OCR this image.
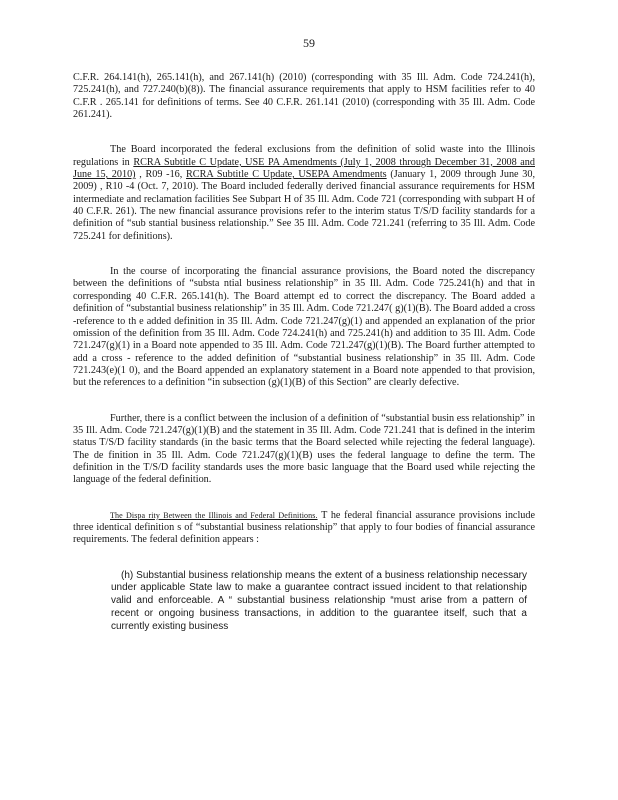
59

C.F.R. 264.141(h), 265.141(h), and 267.141(h) (2010) (corresponding with 35 Ill. Adm. Code 724.241(h), 725.241(h), and 727.240(b)(8)). The financial assurance requirements that apply to HSM facilities refer to 40 C.F.R . 265.141 for definitions of terms. See 40 C.F.R. 261.141 (2010) (corresponding with 35 Ill. Adm. Code 261.241).

The Board incorporated the federal exclusions from the definition of solid waste into the Illinois regulations in RCRA Subtitle C Update, USE PA Amendments (July 1, 2008 through December 31, 2008 and June 15, 2010) , R09 -16, RCRA Subtitle C Update, USEPA Amendments (January 1, 2009 through June 30, 2009) , R10 -4 (Oct. 7, 2010). The Board included federally derived financial assurance requirements for HSM intermediate and reclamation facilities See Subpart H of 35 Ill. Adm. Code 721 (corresponding with subpart H of 40 C.F.R. 261). The new financial assurance provisions refer to the interim status T/S/D facility standards for a definition of “sub stantial business relationship.” See 35 Ill. Adm. Code 721.241 (referring to 35 Ill. Adm. Code 725.241 for definitions).

In the course of incorporating the financial assurance provisions, the Board noted the discrepancy between the definitions of “substa ntial business relationship” in 35 Ill. Adm. Code 725.241(h) and that in corresponding 40 C.F.R. 265.141(h). The Board attempt ed to correct the discrepancy. The Board added a definition of “substantial business relationship” in 35 Ill. Adm. Code 721.247( g)(1)(B). The Board added a cross -reference to th e added definition in 35 Ill. Adm. Code 721.247(g)(1) and appended an explanation of the prior omission of the definition from 35 Ill. Adm. Code 724.241(h) and 725.241(h) and addition to 35 Ill. Adm. Code 721.247(g)(1) in a Board note appended to 35 Ill. Adm. Code 721.247(g)(1)(B). The Board further attempted to add a cross - reference to the added definition of “substantial business relationship” in 35 Ill. Adm. Code 721.243(e)(1 0), and the Board appended an explanatory statement in a Board note appended to that provision, but the references to a definition “in subsection (g)(1)(B) of this Section” are clearly defective.

Further, there is a conflict between the inclusion of a definition of “substantial busin ess relationship” in 35 Ill. Adm. Code 721.247(g)(1)(B) and the statement in 35 Ill. Adm. Code 721.241 that is defined in the interim status T/S/D facility standards (in the basic terms that the Board selected while rejecting the federal language). The de finition in 35 Ill. Adm. Code 721.247(g)(1)(B) uses the federal language to define the term. The definition in the T/S/D facility standards uses the more basic language that the Board used while rejecting the language of the federal definition.

The Dispa rity Between the Illinois and Federal Definitions. T he federal financial assurance provisions include three identical definition s of “substantial business relationship” that apply to four bodies of financial assurance requirements. The federal definition appears :

(h) Substantial business relationship means the extent of a business relationship necessary under applicable State law to make a guarantee contract issued incident to that relationship valid and enforceable. A “ substantial business relationship “must arise from a pattern of recent or ongoing business transactions, in addition to the guarantee itself, such that a currently existing business
